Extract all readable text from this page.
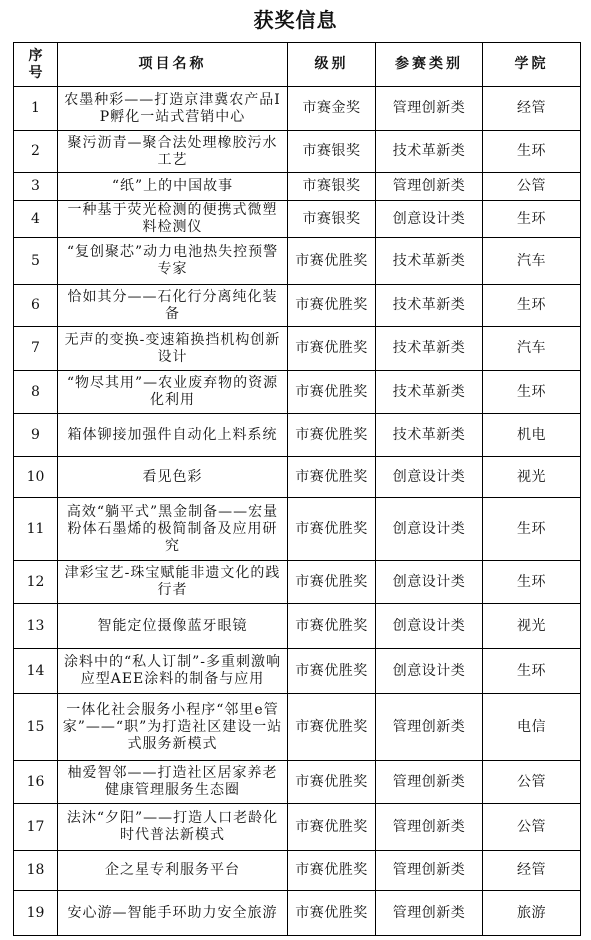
获奖信息
序号	项目名称	级别	参赛类别	学院
1	农墨种彩——打造京津冀农产品IP孵化一站式营销中心	市赛金奖	管理创新类	经管
2	聚污沥青—聚合法处理橡胶污水工艺	市赛银奖	技术革新类	生环
3	“纸”上的中国故事	市赛银奖	管理创新类	公管
4	一种基于荧光检测的便携式微塑料检测仪	市赛银奖	创意设计类	生环
5	“复创聚芯”动力电池热失控预警专家	市赛优胜奖	技术革新类	汽车
6	恰如其分——石化行分离纯化装备	市赛优胜奖	技术革新类	生环
7	无声的变换-变速箱换挡机构创新设计	市赛优胜奖	技术革新类	汽车
8	“物尽其用”—农业废弃物的资源化利用	市赛优胜奖	技术革新类	生环
9	箱体铆接加强件自动化上料系统	市赛优胜奖	技术革新类	机电
10	看见色彩	市赛优胜奖	创意设计类	视光
11	高效“躺平式”黑金制备——宏量粉体石墨烯的极简制备及应用研究	市赛优胜奖	创意设计类	生环
12	津彩宝艺-珠宝赋能非遗文化的践行者	市赛优胜奖	创意设计类	生环
13	智能定位摄像蓝牙眼镜	市赛优胜奖	创意设计类	视光
14	涂料中的“私人订制”-多重刺激响应型AEE涂料的制备与应用	市赛优胜奖	创意设计类	生环
15	一体化社会服务小程序“邻里e管家”——“职”为打造社区建设一站式服务新模式	市赛优胜奖	管理创新类	电信
16	柚爱智邻——打造社区居家养老健康管理服务生态圈	市赛优胜奖	管理创新类	公管
17	法沐“夕阳”——打造人口老龄化时代普法新模式	市赛优胜奖	管理创新类	公管
18	企之星专利服务平台	市赛优胜奖	管理创新类	经管
19	安心游—智能手环助力安全旅游	市赛优胜奖	管理创新类	旅游
